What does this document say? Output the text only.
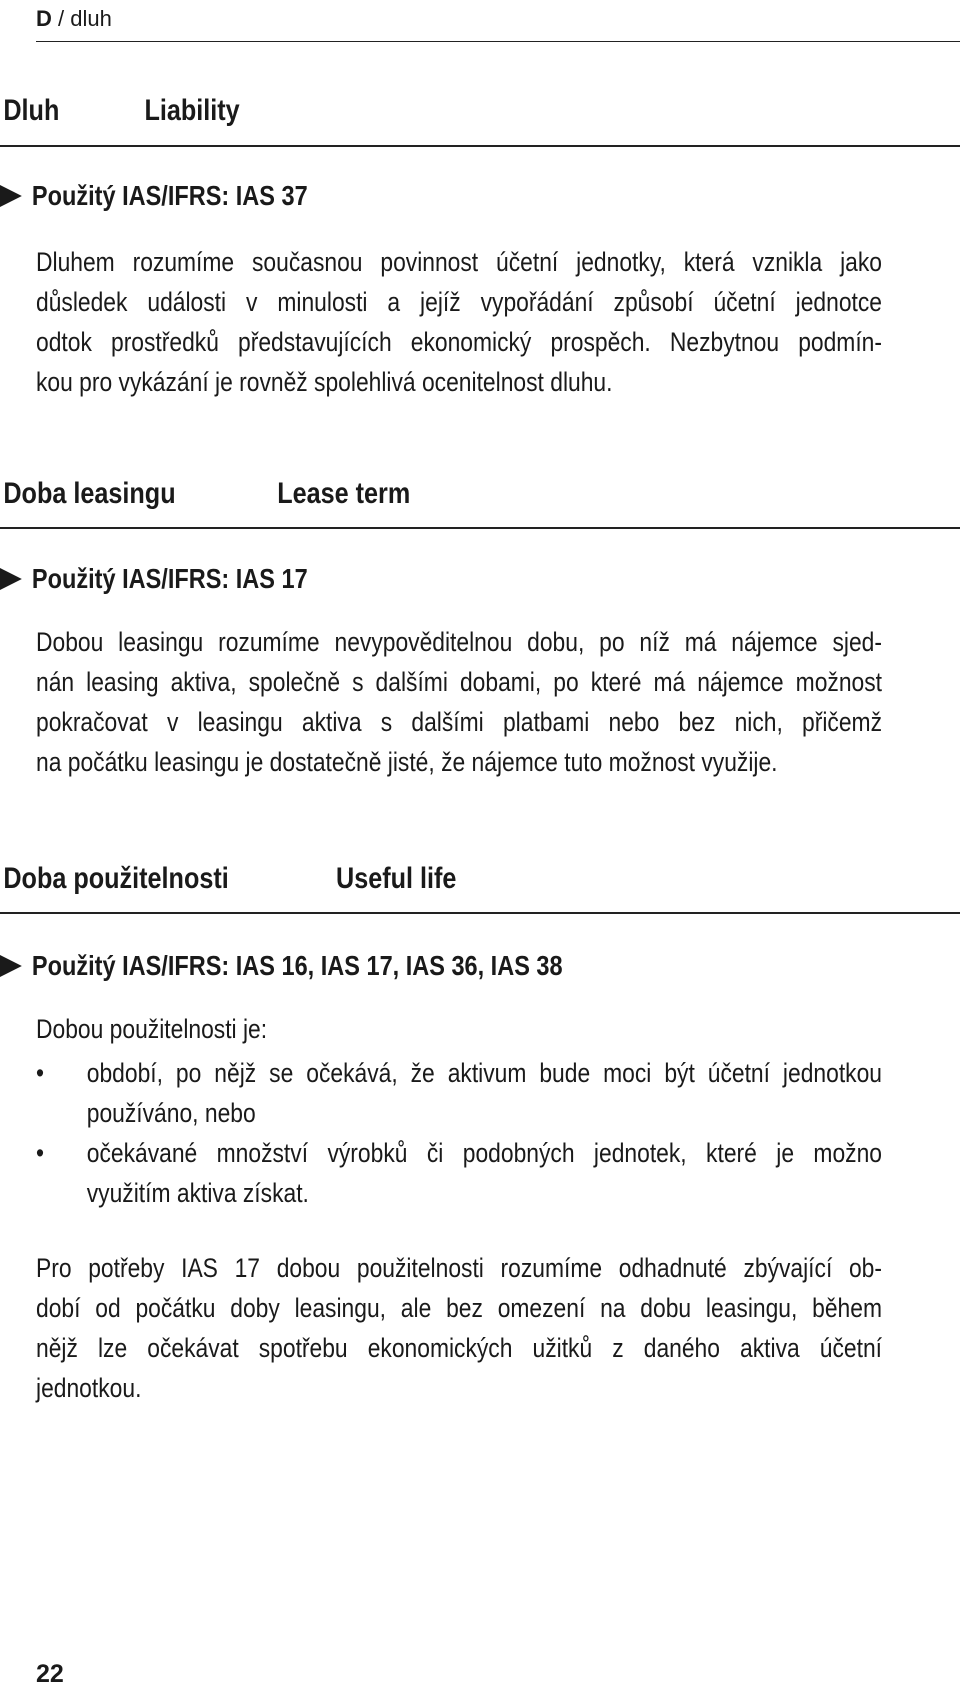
D / dluh
Dluh	Liability
Použitý IAS/IFRS: IAS 37
Dluhem rozumíme současnou povinnost účetní jednotky, která vznikla jako
důsledek události v minulosti a jejíž vypořádání způsobí účetní jednotce
odtok prostředků představujících ekonomický prospěch. Nezbytnou podmín-
kou pro vykázání je rovněž spolehlivá ocenitelnost dluhu.
Doba leasingu	Lease term
Použitý IAS/IFRS: IAS 17
Dobou leasingu rozumíme nevypověditelnou dobu, po níž má nájemce sjed-
nán leasing aktiva, společně s dalšími dobami, po které má nájemce možnost
pokračovat v leasingu aktiva s dalšími platbami nebo bez nich, přičemž
na počátku leasingu je dostatečně jisté, že nájemce tuto možnost využije.
Doba použitelnosti	Useful life
Použitý IAS/IFRS: IAS 16, IAS 17, IAS 36, IAS 38
Dobou použitelnosti je:
• období, po nějž se očekává, že aktivum bude moci být účetní jednotkou
používáno, nebo
• očekávané množství výrobků či podobných jednotek, které je možno
využitím aktiva získat.
Pro potřeby IAS 17 dobou použitelnosti rozumíme odhadnuté zbývající ob-
dobí od počátku doby leasingu, ale bez omezení na dobu leasingu, během
nějž lze očekávat spotřebu ekonomických užitků z daného aktiva účetní
jednotkou.
22
